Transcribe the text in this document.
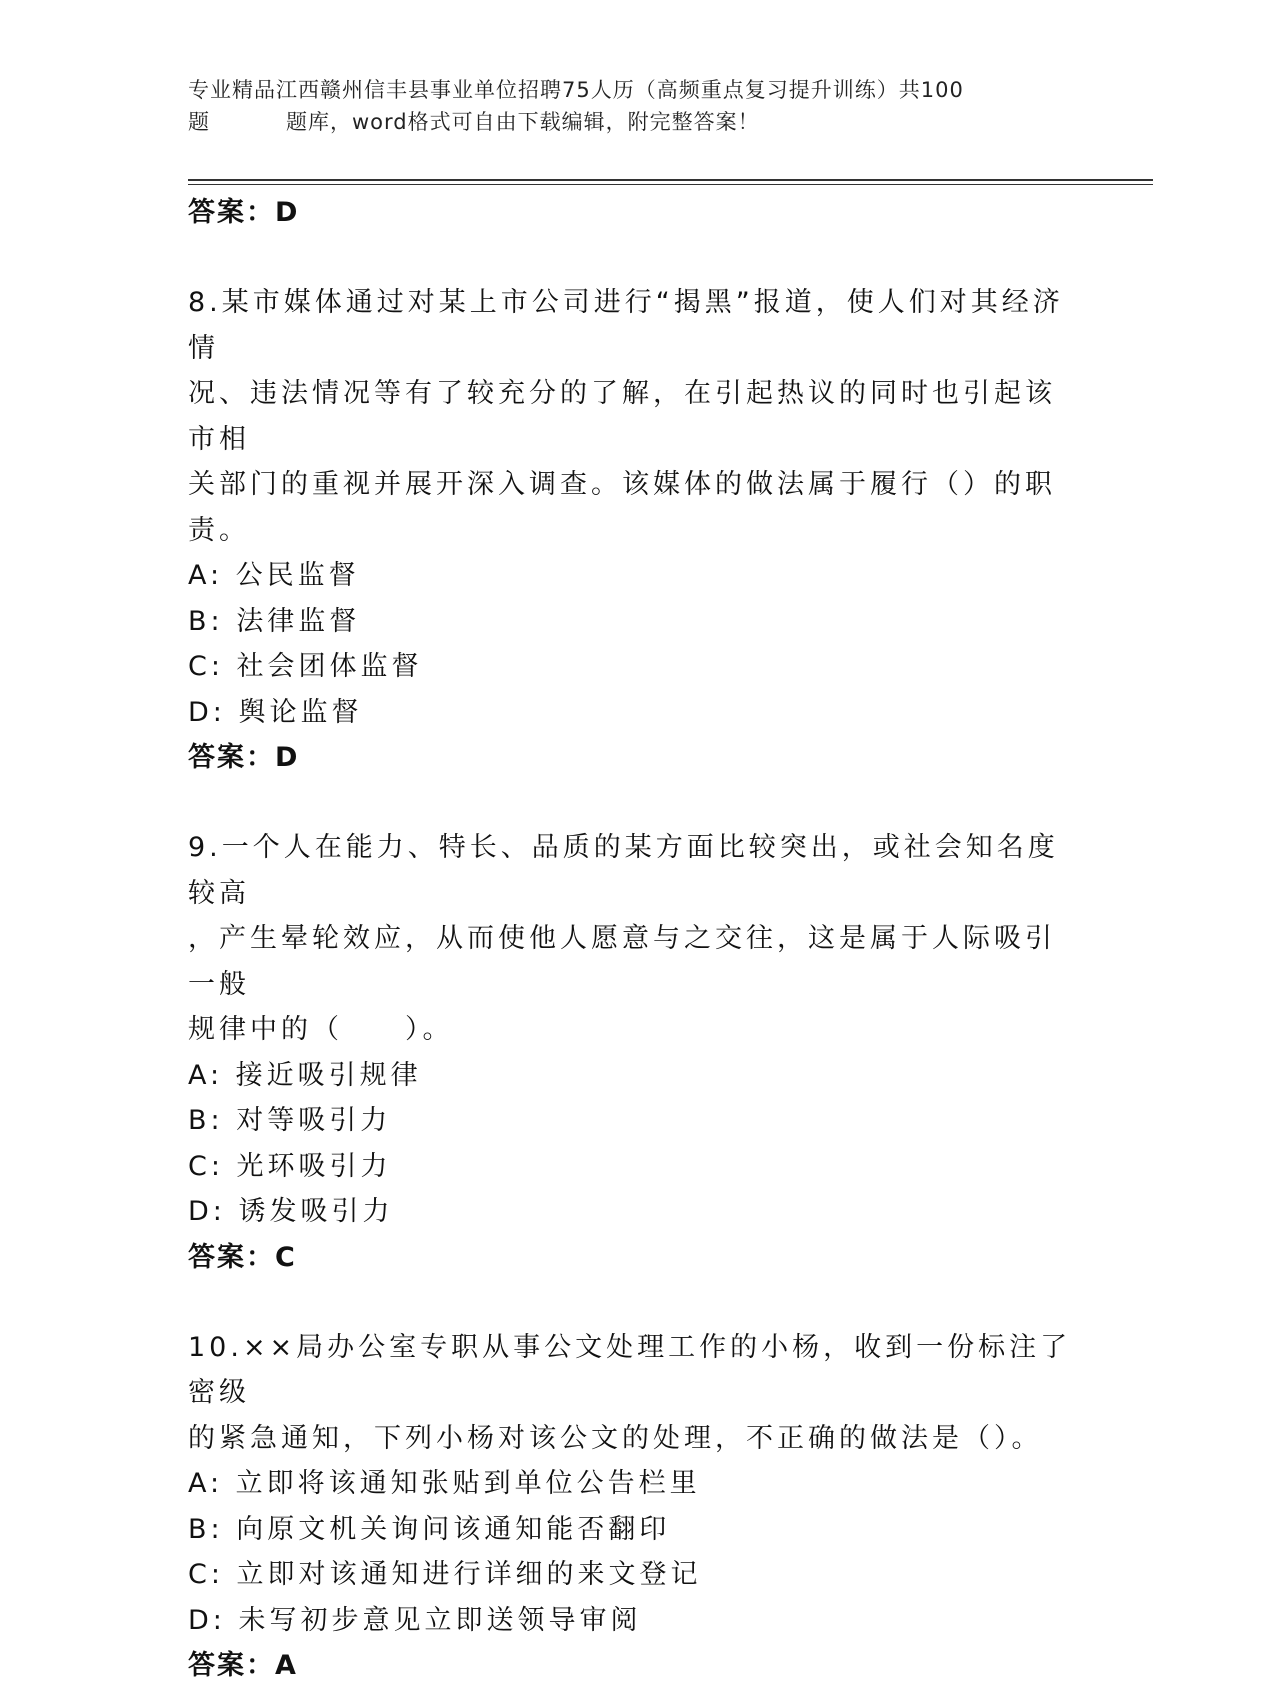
专业精品江西赣州信丰县事业单位招聘75人历（高频重点复习提升训练）共100
题	题库，word格式可自由下载编辑，附完整答案！
答案：D
8.某市媒体通过对某上市公司进行“揭黑”报道，使人们对其经济情
况、违法情况等有了较充分的了解，在引起热议的同时也引起该市相
关部门的重视并展开深入调查。该媒体的做法属于履行（）的职责。
A: 公民监督
B: 法律监督
C: 社会团体监督
D: 舆论监督
答案：D
9.一个人在能力、特长、品质的某方面比较突出，或社会知名度较高
，产生晕轮效应，从而使他人愿意与之交往，这是属于人际吸引一般
规律中的（　　）。
A: 接近吸引规律
B: 对等吸引力
C: 光环吸引力
D: 诱发吸引力
答案：C
10.××局办公室专职从事公文处理工作的小杨，收到一份标注了密级
的紧急通知，下列小杨对该公文的处理，不正确的做法是（）。
A: 立即将该通知张贴到单位公告栏里
B: 向原文机关询问该通知能否翻印
C: 立即对该通知进行详细的来文登记
D: 未写初步意见立即送领导审阅
答案：A
